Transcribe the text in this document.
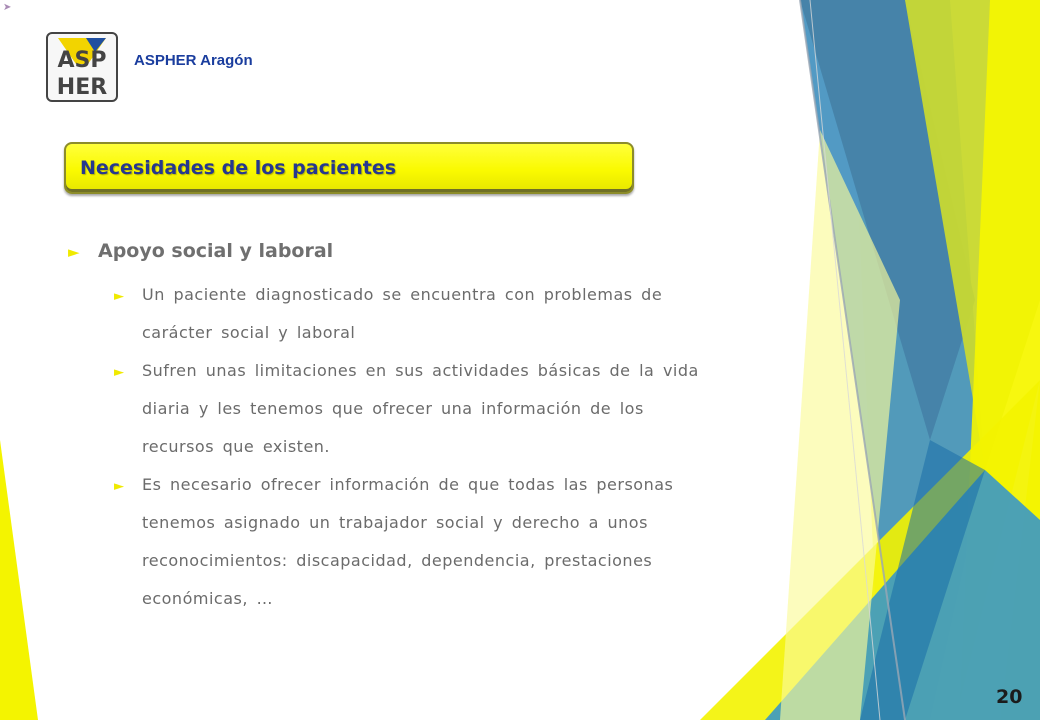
➤
ASP
HER
ASPHER Aragón
Necesidades de los pacientes
► Apoyo social y laboral
►	Un paciente diagnosticado se encuentra con problemas de
carácter social y laboral
►	Sufren unas limitaciones en sus actividades básicas de la vida
diaria y les tenemos que ofrecer una información de los
recursos que existen.
►	Es necesario ofrecer información de que todas las personas
tenemos asignado un trabajador social y derecho a unos
reconocimientos: discapacidad, dependencia, prestaciones
económicas, …
20
